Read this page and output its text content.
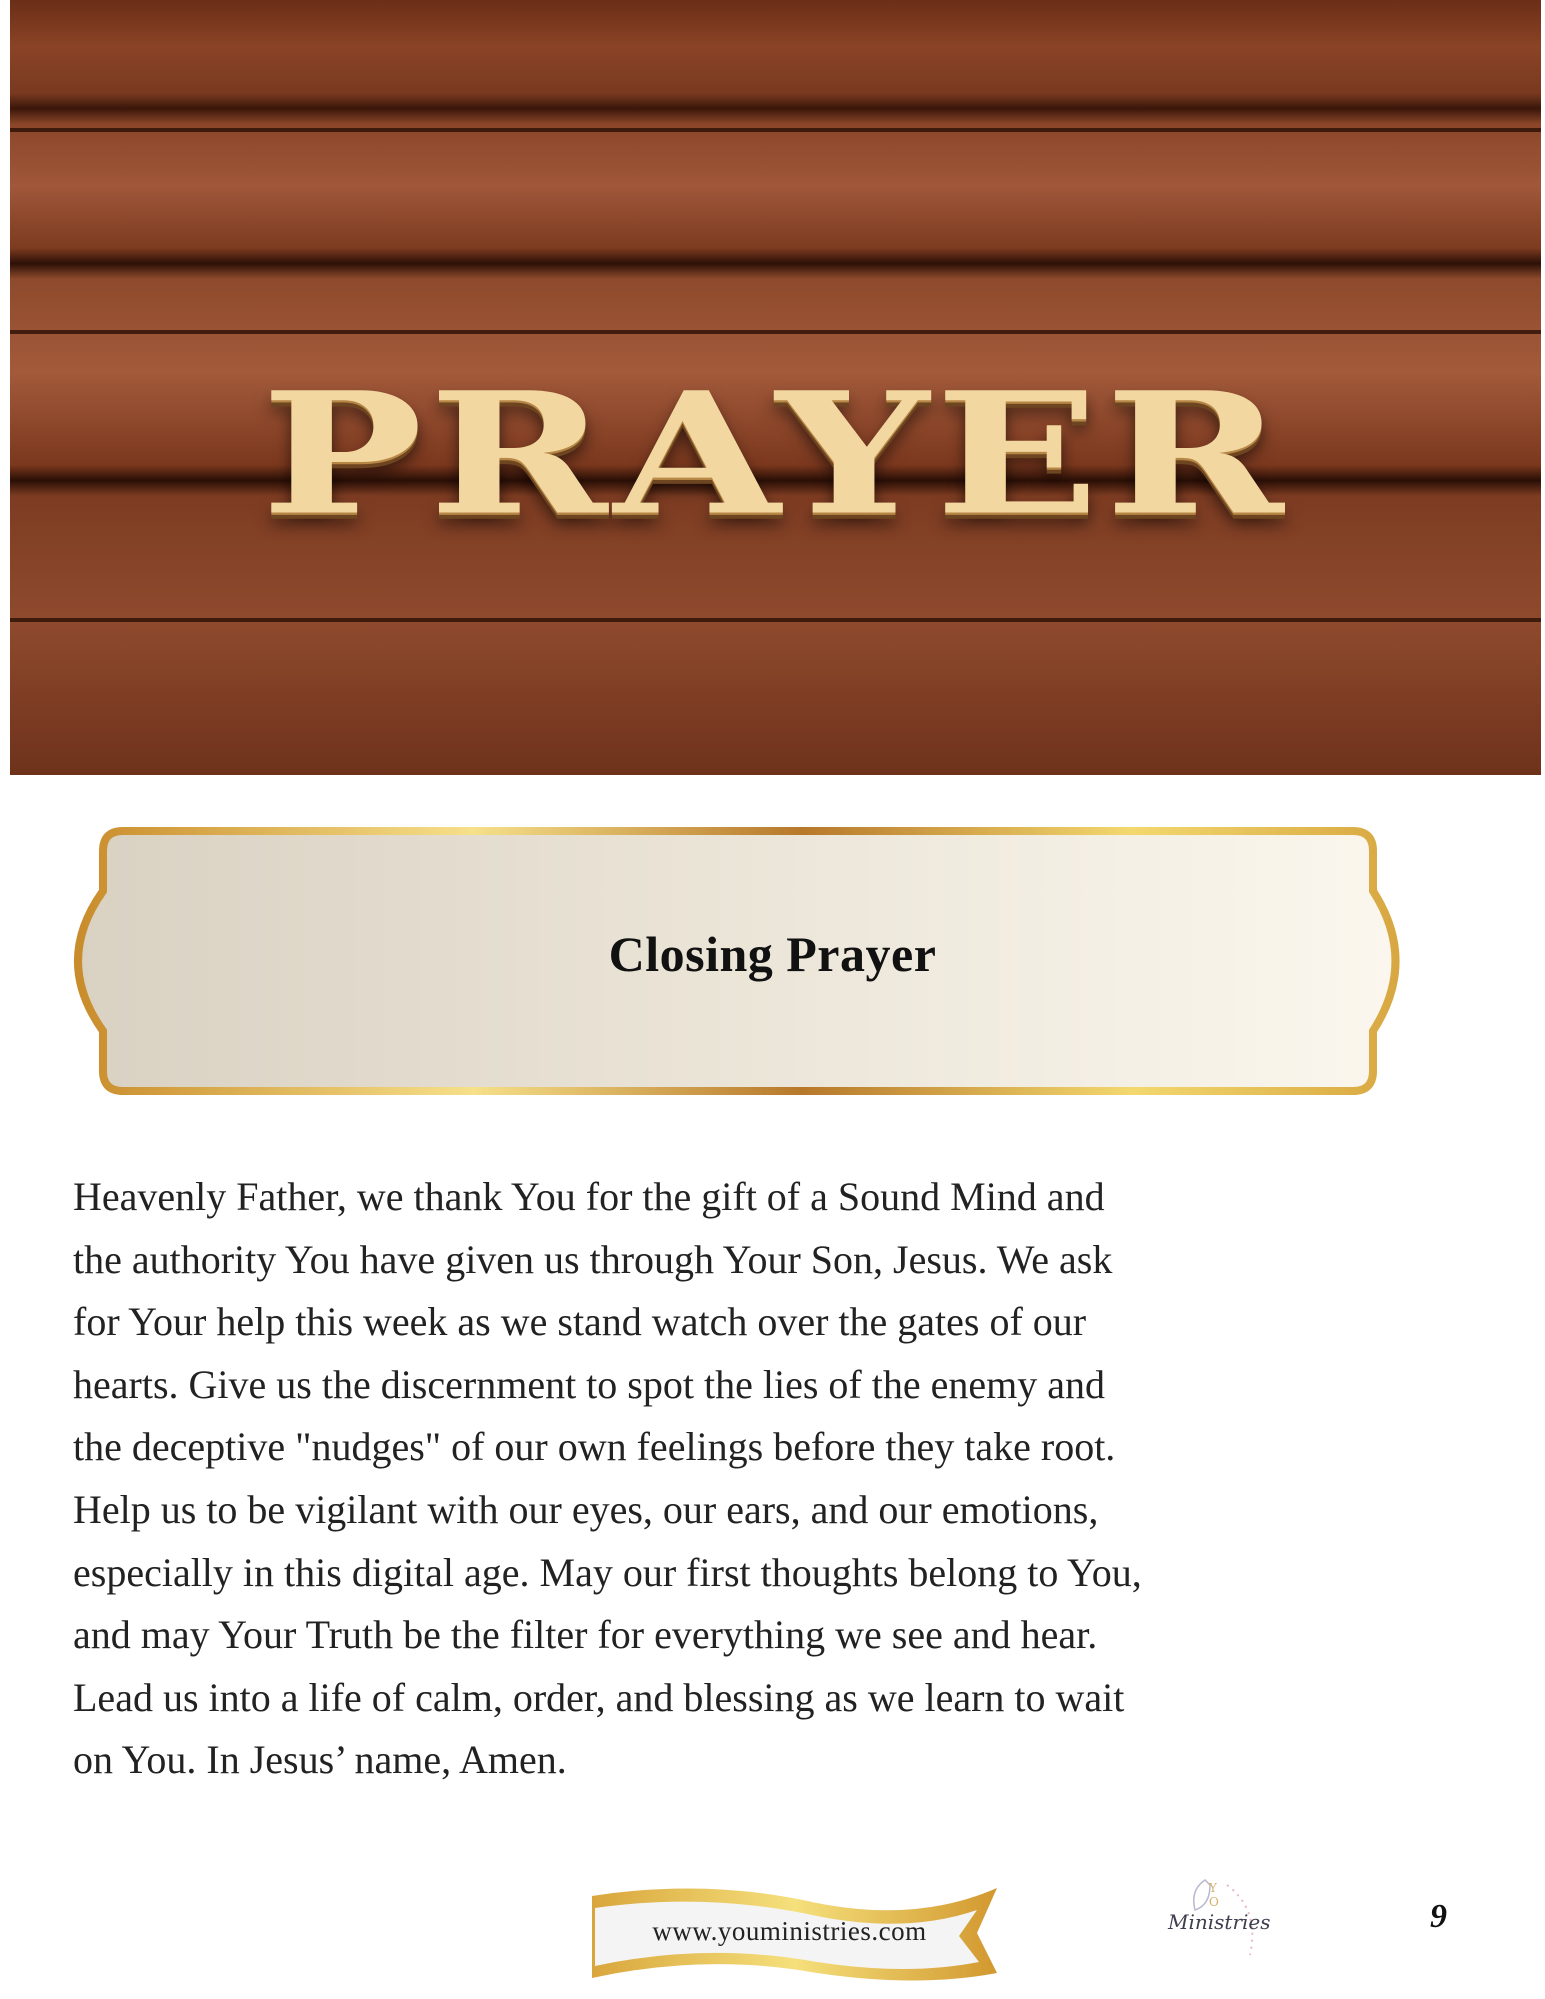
PRAYER
Closing Prayer
Heavenly Father, we thank You for the gift of a Sound Mind and
the authority You have given us through Your Son, Jesus. We ask
for Your help this week as we stand watch over the gates of our
hearts. Give us the discernment to spot the lies of the enemy and
the deceptive "nudges" of our own feelings before they take root.
Help us to be vigilant with our eyes, our ears, and our emotions,
especially in this digital age. May our first thoughts belong to You,
and may Your Truth be the filter for everything we see and hear.
Lead us into a life of calm, order, and blessing as we learn to wait
on You. In Jesus’ name, Amen.
www.youministries.com
Y
O
Ministries	9
